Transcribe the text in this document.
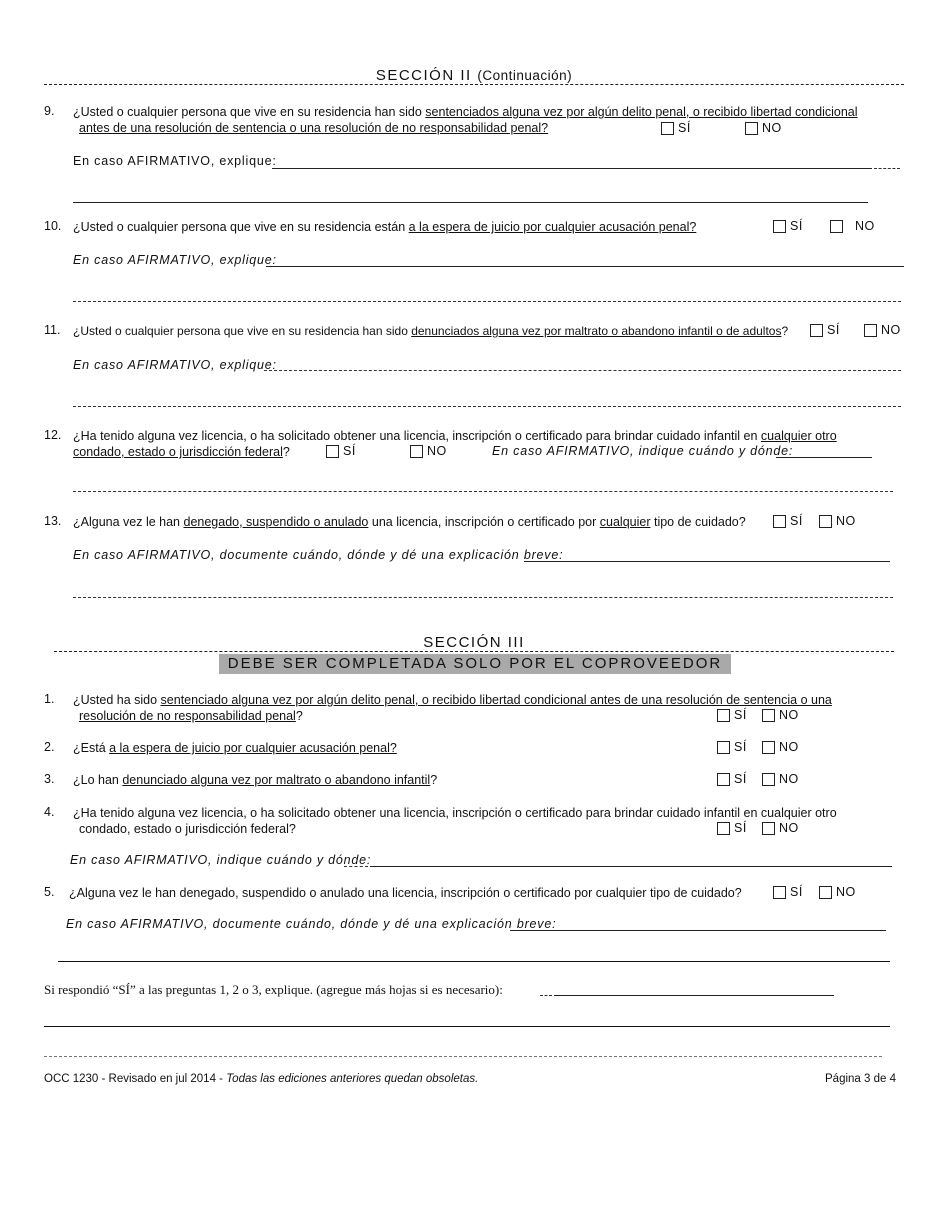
SECCIÓN II (Continuación)
9. ¿Usted o cualquier persona que vive en su residencia han sido sentenciados alguna vez por algún delito penal, o recibido libertad condicional
antes de una resolución de sentencia o una resolución de no responsabilidad penal?	SÍ	NO
En caso AFIRMATIVO, explique:
10. ¿Usted o cualquier persona que vive en su residencia están a la espera de juicio por cualquier acusación penal?	SÍ	NO
En caso AFIRMATIVO, explique:
11. ¿Usted o cualquier persona que vive en su residencia han sido denunciados alguna vez por maltrato o abandono infantil o de adultos?	SÍ	NO
En caso AFIRMATIVO, explique:
12. ¿Ha tenido alguna vez licencia, o ha solicitado obtener una licencia, inscripción o certificado para brindar cuidado infantil en cualquier otro
condado, estado o jurisdicción federal?	SÍ	NO	En caso AFIRMATIVO, indique cuándo y dónde:
13. ¿Alguna vez le han denegado, suspendido o anulado una licencia, inscripción o certificado por cualquier tipo de cuidado?	SÍ	NO
En caso AFIRMATIVO, documente cuándo, dónde y dé una explicación breve:
SECCIÓN III
DEBE SER COMPLETADA SOLO POR EL COPROVEEDOR
1. ¿Usted ha sido sentenciado alguna vez por algún delito penal, o recibido libertad condicional antes de una resolución de sentencia o una
resolución de no responsabilidad penal?	SÍ	NO
2. ¿Está a la espera de juicio por cualquier acusación penal?	SÍ	NO
3. ¿Lo han denunciado alguna vez por maltrato o abandono infantil?	SÍ	NO
4. ¿Ha tenido alguna vez licencia, o ha solicitado obtener una licencia, inscripción o certificado para brindar cuidado infantil en cualquier otro
condado, estado o jurisdicción federal?	SÍ	NO
En caso AFIRMATIVO, indique cuándo y dónde:
5. ¿Alguna vez le han denegado, suspendido o anulado una licencia, inscripción o certificado por cualquier tipo de cuidado?	SÍ	NO
En caso AFIRMATIVO, documente cuándo, dónde y dé una explicación breve:
Si respondió “SÍ” a las preguntas 1, 2 o 3, explique. (agregue más hojas si es necesario):
OCC 1230 - Revisado en jul 2014 - Todas las ediciones anteriores quedan obsoletas.	Página 3 de 4
